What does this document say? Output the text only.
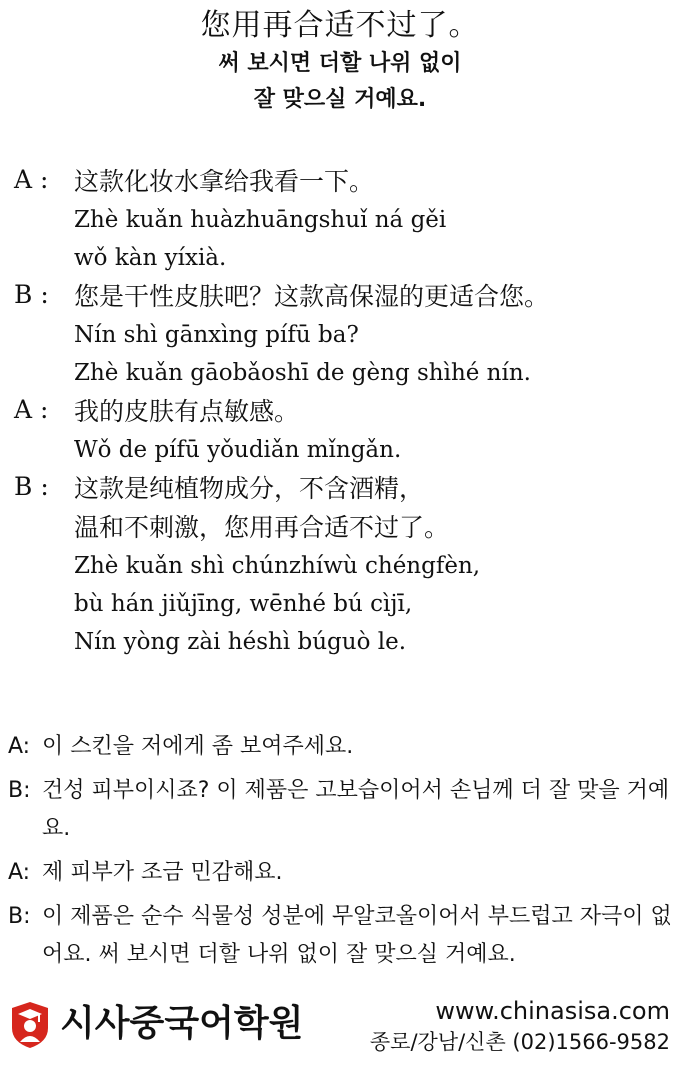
您用再合适不过了。
써 보시면 더할 나위 없이
잘 맞으실 거예요.
A :	这款化妆水拿给我看一下。
Zhè kuǎn huàzhuāngshuǐ ná gěi
wǒ kàn yíxià.
B :	您是干性皮肤吧？这款高保湿的更适合您。
Nín shì gānxìng pífū ba?
Zhè kuǎn gāobǎoshī de gèng shìhé nín.
A :	我的皮肤有点敏感。
Wǒ de pífū yǒudiǎn mǐngǎn.
B :	这款是纯植物成分，不含酒精，
温和不刺激，您用再合适不过了。
Zhè kuǎn shì chúnzhíwù chéngfèn,
bù hán jiǔjīng, wēnhé bú cìjī,
Nín yòng zài héshì búguò le.
A: 이 스킨을 저에게 좀 보여주세요.
B: 건성 피부이시죠? 이 제품은 고보습이어서 손님께 더 잘 맞을 거예요.
A: 제 피부가 조금 민감해요.
B: 이 제품은 순수 식물성 성분에 무알코올이어서 부드럽고 자극이 없어요. 써 보시면 더할 나위 없이 잘 맞으실 거예요.
시사중국어학원	www.chinasisa.com
종로/강남/신촌 (02)1566-9582
